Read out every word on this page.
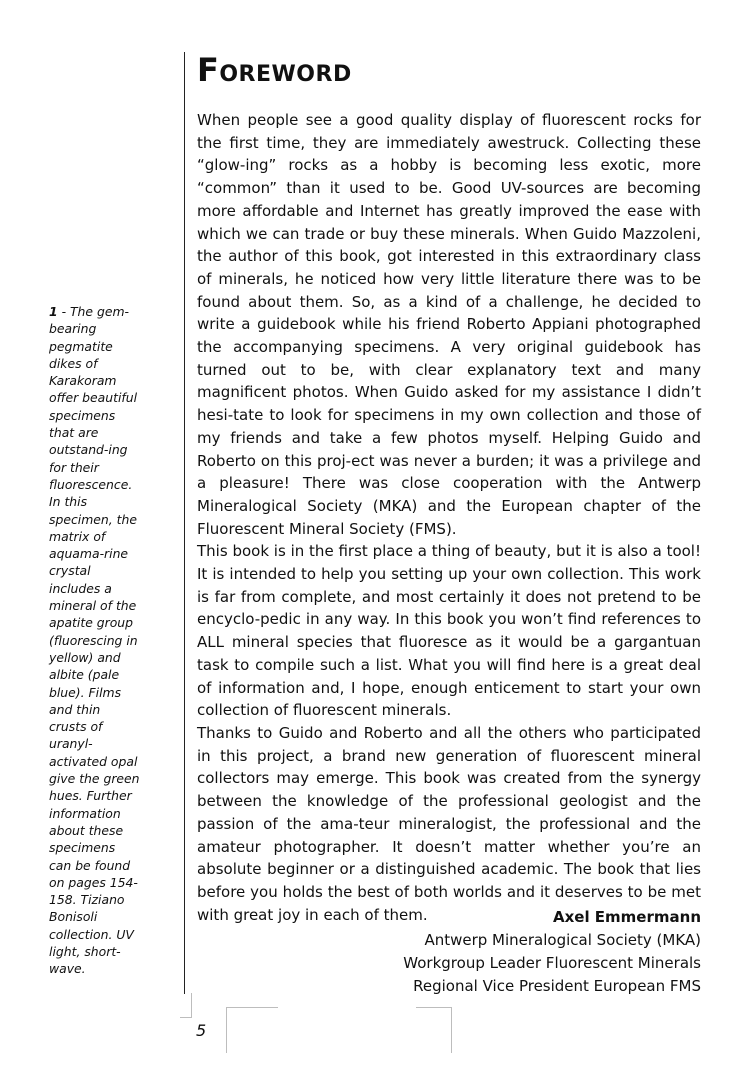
Foreword
1 - The gem-bearing pegmatite dikes of Karakoram offer beautiful specimens that are outstand-ing for their fluorescence. In this specimen, the matrix of aquama-rine crystal includes a mineral of the apatite group (fluorescing in yellow) and albite (pale blue). Films and thin crusts of uranyl-activated opal give the green hues. Further information about these specimens can be found on pages 154-158. Tiziano Bonisoli collection. UV light, short-wave.

When people see a good quality display of fluorescent rocks for the first time, they are immediately awestruck. Collecting these “glow-ing” rocks as a hobby is becoming less exotic, more “common” than it used to be. Good UV-sources are becoming more affordable and Internet has greatly improved the ease with which we can trade or buy these minerals. When Guido Mazzoleni, the author of this book, got interested in this extraordinary class of minerals, he noticed how very little literature there was to be found about them. So, as a kind of a challenge, he decided to write a guidebook while his friend Roberto Appiani photographed the accompanying specimens. A very original guidebook has turned out to be, with clear explanatory text and many magnificent photos. When Guido asked for my assistance I didn’t hesi-tate to look for specimens in my own collection and those of my friends and take a few photos myself. Helping Guido and Roberto on this proj-ect was never a burden; it was a privilege and a pleasure! There was close cooperation with the Antwerp Mineralogical Society (MKA) and the European chapter of the Fluorescent Mineral Society (FMS).

This book is in the first place a thing of beauty, but it is also a tool! It is intended to help you setting up your own collection. This work is far from complete, and most certainly it does not pretend to be encyclo-pedic in any way. In this book you won’t find references to ALL mineral species that fluoresce as it would be a gargantuan task to compile such a list. What you will find here is a great deal of information and, I hope, enough enticement to start your own collection of fluorescent minerals.

Thanks to Guido and Roberto and all the others who participated in this project, a brand new generation of fluorescent mineral collectors may emerge. This book was created from the synergy between the knowledge of the professional geologist and the passion of the ama-teur mineralogist, the professional and the amateur photographer. It doesn’t matter whether you’re an absolute beginner or a distinguished academic. The book that lies before you holds the best of both worlds and it deserves to be met with great joy in each of them.	Axel Emmermann
Antwerp Mineralogical Society (MKA)
Workgroup Leader Fluorescent Minerals
Regional Vice President European FMS
5
